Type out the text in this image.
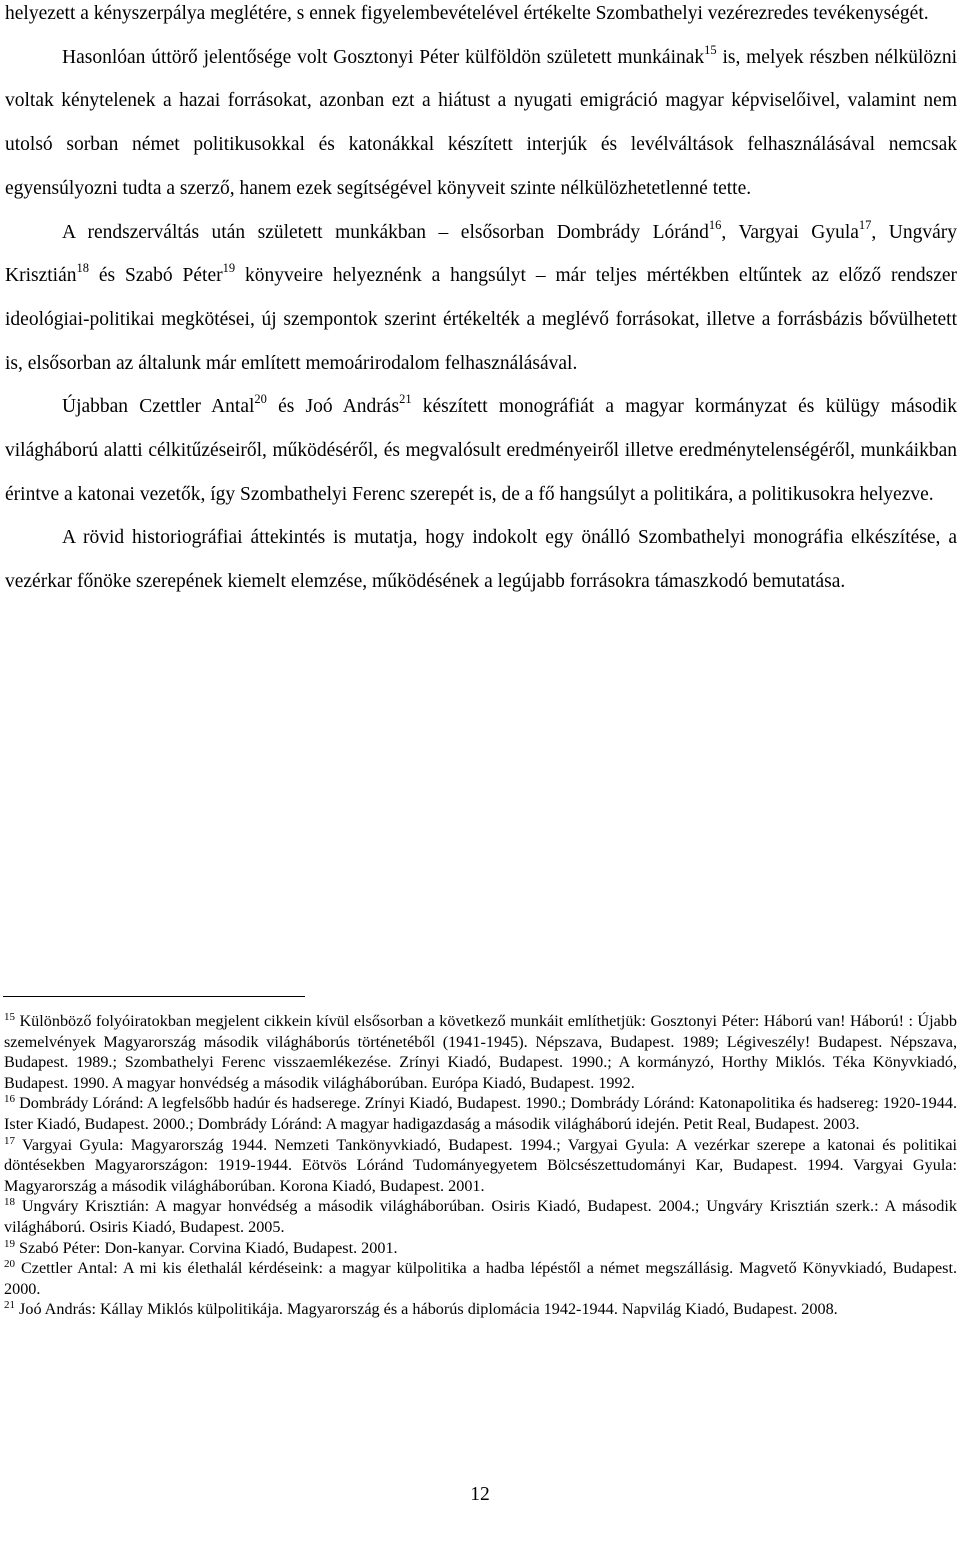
helyezett a kényszerpálya meglétére, s ennek figyelembevételével értékelte Szombathelyi vezérezredes tevékenységét.

Hasonlóan úttörő jelentősége volt Gosztonyi Péter külföldön született munkáinak$^{15}$ is, melyek részben nélkülözni voltak kénytelenek a hazai forrásokat, azonban ezt a hiátust a nyugati emigráció magyar képviselőivel, valamint nem utolsó sorban német politikusokkal és katonákkal készített interjúk és levélváltások felhasználásával nemcsak egyensúlyozni tudta a szerző, hanem ezek segítségével könyveit szinte nélkülözhetetlenné tette.

A rendszerváltás után született munkákban – elsősorban Dombrády Lóránd$^{16}$, Vargyai Gyula$^{17}$, Ungváry Krisztián$^{18}$ és Szabó Péter$^{19}$ könyveire helyeznénk a hangsúlyt – már teljes mértékben eltűntek az előző rendszer ideológiai-politikai megkötései, új szempontok szerint értékelték a meglévő forrásokat, illetve a forrásbázis bővülhetett is, elsősorban az általunk már említett memoárirodalom felhasználásával.

Újabban Czettler Antal$^{20}$ és Joó András$^{21}$ készített monográfiát a magyar kormányzat és külügy második világháború alatti célkitűzéseiről, működéséről, és megvalósult eredményeiről illetve eredménytelenségéről, munkáikban érintve a katonai vezetők, így Szombathelyi Ferenc szerepét is, de a fő hangsúlyt a politikára, a politikusokra helyezve.

A rövid historiográfiai áttekintés is mutatja, hogy indokolt egy önálló Szombathelyi monográfia elkészítése, a vezérkar főnöke szerepének kiemelt elemzése, működésének a legújabb forrásokra támaszkodó bemutatása.

$^{15}$ Különböző folyóiratokban megjelent cikkein kívül elsősorban a következő munkáit említhetjük: Gosztonyi Péter: Háború van! Háború! : Újabb szemelvények Magyarország második világháborús történetéből (1941-1945). Népszava, Budapest. 1989; Légiveszély! Budapest. Népszava, Budapest. 1989.; Szombathelyi Ferenc visszaemlékezése. Zrínyi Kiadó, Budapest. 1990.; A kormányzó, Horthy Miklós. Téka Könyvkiadó, Budapest. 1990. A magyar honvédség a második világháborúban. Európa Kiadó, Budapest. 1992.

$^{16}$ Dombrády Lóránd: A legfelsőbb hadúr és hadserege. Zrínyi Kiadó, Budapest. 1990.; Dombrády Lóránd: Katonapolitika és hadsereg: 1920-1944. Ister Kiadó, Budapest. 2000.; Dombrády Lóránd: A magyar hadigazdaság a második világháború idején. Petit Real, Budapest. 2003.

$^{17}$ Vargyai Gyula: Magyarország 1944. Nemzeti Tankönyvkiadó, Budapest. 1994.; Vargyai Gyula: A vezérkar szerepe a katonai és politikai döntésekben Magyarországon: 1919-1944. Eötvös Lóránd Tudományegyetem Bölcsészettudományi Kar, Budapest. 1994. Vargyai Gyula: Magyarország a második világháborúban. Korona Kiadó, Budapest. 2001.

$^{18}$ Ungváry Krisztián: A magyar honvédség a második világháborúban. Osiris Kiadó, Budapest. 2004.; Ungváry Krisztián szerk.: A második világháború. Osiris Kiadó, Budapest. 2005.

$^{19}$ Szabó Péter: Don-kanyar. Corvina Kiadó, Budapest. 2001.

$^{20}$ Czettler Antal: A mi kis élethalál kérdéseink: a magyar külpolitika a hadba lépéstől a német megszállásig. Magvető Könyvkiadó, Budapest. 2000.

$^{21}$ Joó András: Kállay Miklós külpolitikája. Magyarország és a háborús diplomácia 1942-1944. Napvilág Kiadó, Budapest. 2008.

12
